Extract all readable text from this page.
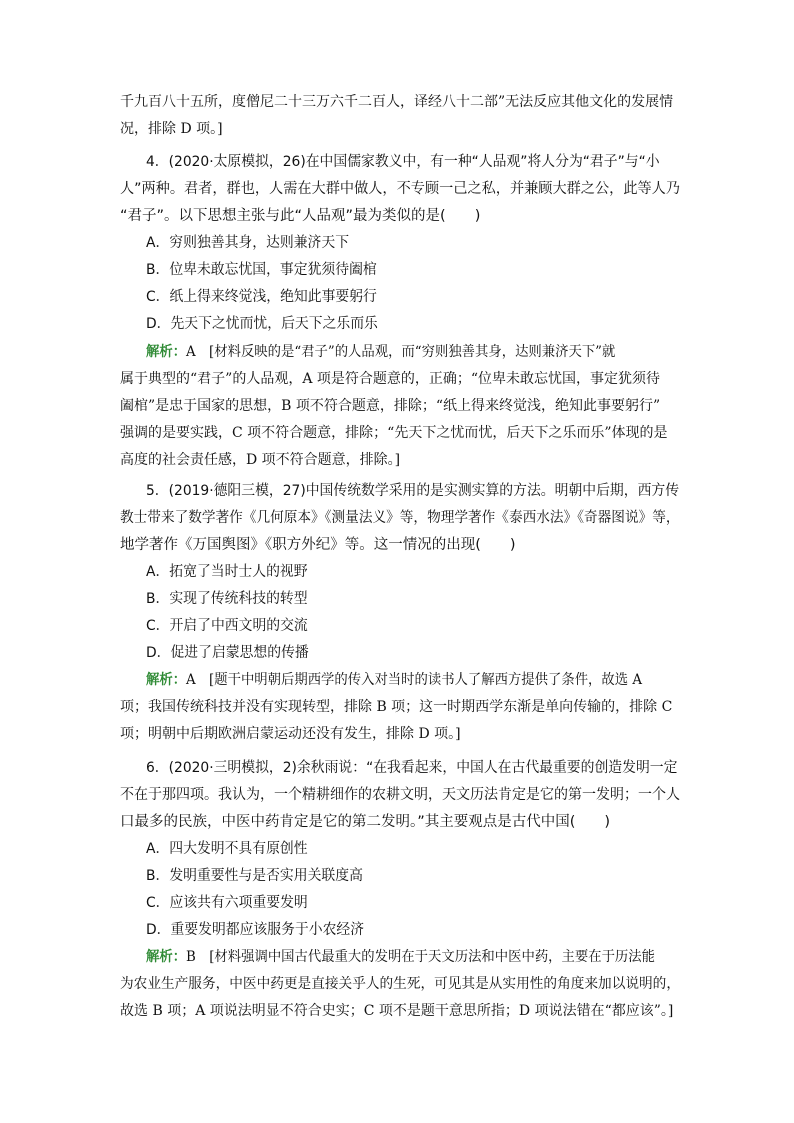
千九百八十五所，度僧尼二十三万六千二百人，译经八十二部”无法反应其他文化的发展情
况，排除 D 项。]
4．(2020·太原模拟，26)在中国儒家教义中，有一种“人品观”将人分为“君子”与“小
人”两种。君者，群也，人需在大群中做人，不专顾一己之私，并兼顾大群之公，此等人乃
“君子”。以下思想主张与此“人品观”最为类似的是(　　)
A．穷则独善其身，达则兼济天下
B．位卑未敢忘忧国，事定犹须待阖棺
C．纸上得来终觉浅，绝知此事要躬行
D．先天下之忧而忧，后天下之乐而乐
解析：A　[材料反映的是“君子”的人品观，而“穷则独善其身，达则兼济天下”就
属于典型的“君子”的人品观，A 项是符合题意的，正确；“位卑未敢忘忧国，事定犹须待
阖棺”是忠于国家的思想，B 项不符合题意，排除；“纸上得来终觉浅，绝知此事要躬行”
强调的是要实践，C 项不符合题意，排除；“先天下之忧而忧，后天下之乐而乐”体现的是
高度的社会责任感，D 项不符合题意，排除。]
5．(2019·德阳三模，27)中国传统数学采用的是实测实算的方法。明朝中后期，西方传
教士带来了数学著作《几何原本》《测量法义》等，物理学著作《泰西水法》《奇器图说》等，
地学著作《万国舆图》《职方外纪》等。这一情况的出现(　　)
A．拓宽了当时士人的视野
B．实现了传统科技的转型
C．开启了中西文明的交流
D．促进了启蒙思想的传播
解析：A　[题干中明朝后期西学的传入对当时的读书人了解西方提供了条件，故选 A
项；我国传统科技并没有实现转型，排除 B 项；这一时期西学东渐是单向传输的，排除 C
项；明朝中后期欧洲启蒙运动还没有发生，排除 D 项。]
6．(2020·三明模拟，2)余秋雨说：“在我看起来，中国人在古代最重要的创造发明一定
不在于那四项。我认为，一个精耕细作的农耕文明，天文历法肯定是它的第一发明；一个人
口最多的民族，中医中药肯定是它的第二发明。”其主要观点是古代中国(　　)
A．四大发明不具有原创性
B．发明重要性与是否实用关联度高
C．应该共有六项重要发明
D．重要发明都应该服务于小农经济
解析：B　[材料强调中国古代最重大的发明在于天文历法和中医中药，主要在于历法能
为农业生产服务，中医中药更是直接关乎人的生死，可见其是从实用性的角度来加以说明的，
故选 B 项；A 项说法明显不符合史实；C 项不是题干意思所指；D 项说法错在“都应该”。]
